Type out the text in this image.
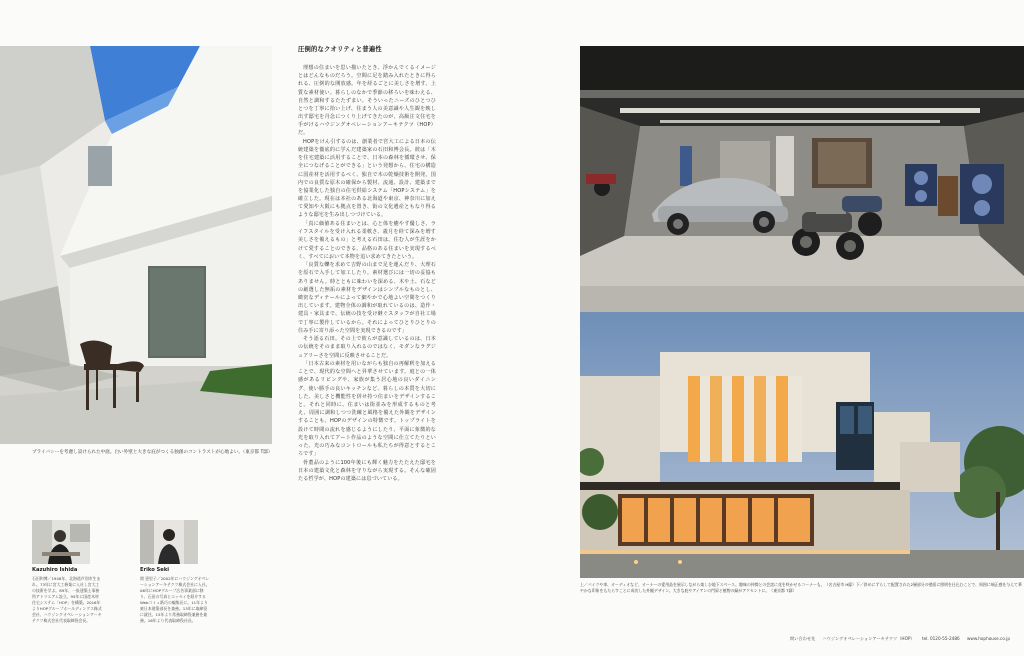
プライバシーを考慮し設けられた中庭。白い外壁と大きな庇がつくる独創のコントラストが心地よい。（東京都 T邸）
Kazuhiro Ishida
石田和博／1948年、北海道芦別市生まれ。73年に宮大工修業に入社し宮大工の技術を学ぶ。89年、一級建築士事務所アトリエアム設立。95年に国産木材住宅システム「HOP」を構築。2016年よりHOPグループホールディングス株式会社、ハウジングオペレーションアーキテクツ株式会社代表取締役会長。
Eriko Seki
関 恵里子／2002年にハウジングオペレーションアーキテクツ株式会社に入社。06年にHOPグループ広告事業部に移り、石田の写真とエッセイを紹介するWebコミュ紙巧の編集長に。11年より東日本建築部長を兼務。13年に取締役に就任。15年より常務取締役兼務を兼務。16年より代表取締役社長。
圧倒的なクオリティと普遍性

理想の住まいを思い描いたとき、浮かんでくるイメージとはどんなものだろう。空間に足を踏み入れたときに得られる、圧倒的な開放感。年を経るごとに美しさを増す、上質な素材使い。暮らしのなかで季節の移ろいを味わえる、自然と調和するたたずまい。そういったニーズのひとつひとつを丁寧に拾い上げ、住まう人の美意識や人生観を映し出す邸宅を丹念につくり上げてきたのが、高級注文住宅を手がけるハウジングオペレーションアーキテクツ（HOP）だ。

HOPをけん引するのは、創業者で宮大工による日本の伝統建築を徹底的に学んだ建築家の石田和博会長。彼は「木を住宅建築に活用することで、日本の森林を循環させ、保全につなげることができる」という発想から、住宅の構造に国産材を活用するべく、独自で木の乾燥技術を開発。国内での良質な原木の確保から製材、流通、設計、建築までを協業化した独自の住宅供給システム「HOPシステム」を確立した。現在は本社のある北海道や東京、神奈川に加えて愛知や大阪にも拠点を置き、街の文化遺産ともなり得るような邸宅を生み出しつづけている。

「真に価値ある住まいとは、心と体を癒やす優しさ、ライフスタイルを受け入れる柔軟さ、歳月を経て深みを増す美しさを備えるもの」と考える石田は、住む人が生涯をかけて愛することのできる、品格のある住まいを実現するべく、すべてにおいて本物を追い求めてきたという。

「良質な轢を求めて吉野の山まで足を運んだり、大理石を原石で入手して加工したり。素材選びには一切の妥協もありません。時とともに味わいを深める、木や土、石などの厳選した無垢の素材をデザインはシンプルなものとし、緻密なディテールによって細やかで心地よい空間をつくり出しています。建物全体の調和が取れているのは、造作・建具・家具まで、伝統の技を受け継ぐスタッフが自社工場で丁寧に製作しているから。それによってひとりひとりの住み手に寄り添った空間を実現できるのです」

そう語る石田。その上で彼らが意識しているのは、日本の伝統をそのまま取り入れるのではなく、モダンなラグジュアリーさを空間に反映させることだ。

「日本古来の素材を用いながらも独自の再解釈を加えることで、現代的な空間へと昇華させています。庭との一体感があるリビングや、家族が集う居心地の良いダイニング、使い勝手の良いキッチンなど、暮らしの本質を大切にした、美しさと機能性を併せ持つ住まいをデザインすること。それと同時に、住まいは街並みを形成するものと考え、周囲に調和しつつ洗練と風格を備えた外観をデザインすることも、HOPのデザインの特徴です。トップライトを設けて時間の流れを感じるようにしたり、平面に象徴的な光を取り入れてアート作品のような空間に仕立てたりといった、光の巧みなコントロールも私たちが得意とするところです」

骨董品のように100年後にも輝く魅力をたたえた邸宅を日本の建築文化と森林を守りながら実現する。そんな確固たる哲学が、HOPの建築には息づいている。

上／バイクや車、オーディオなど、オーナーの愛用品を展示しながら楽しむ地下スペース。趣味の仲間との会話に花を咲かせるコーナーも。（名古屋市 H邸）下／斜めにずらして配置された2層部分の壁面に照明を仕込むことで、周囲に端正感を与えて華やかな印象をもたらすことに成功した外観デザイン。大きな庇やアイアンの門扉と植物の緑がアクセントに。（東京都 T邸）
問い合わせ先 ハウジングオペレーションアーキテクツ（HOP） tel. 0120-55-2486 www.hophouse.co.jp
